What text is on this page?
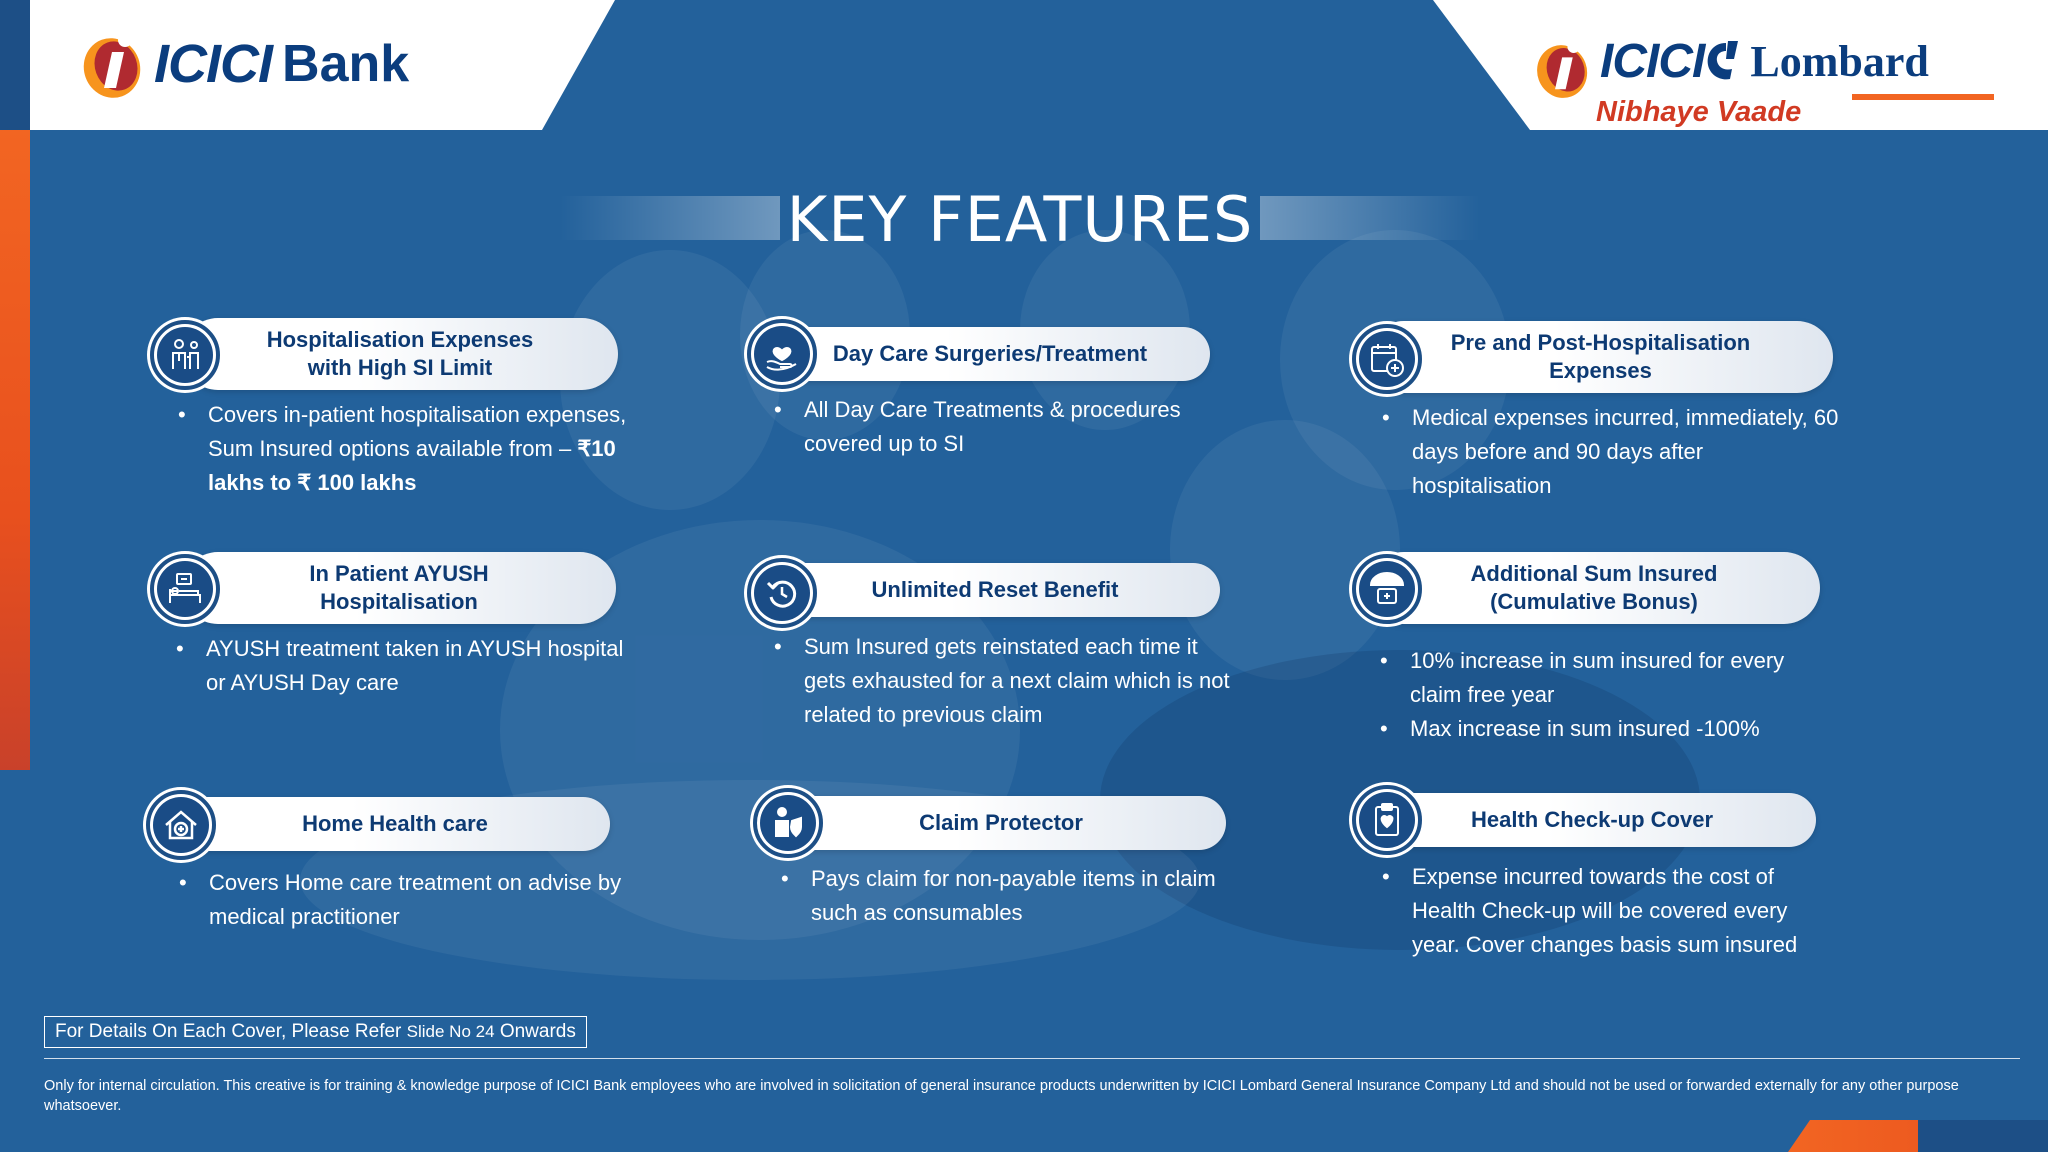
ICICI Bank	ICICI Lombard
Nibhaye Vaade
KEY FEATURES
Hospitalisation Expenses
with High SI Limit
• Covers in-patient hospitalisation expenses, Sum Insured options available from – ₹10 lakhs to ₹ 100 lakhs
Day Care Surgeries/Treatment
• All Day Care Treatments & procedures covered up to SI
Pre and Post-Hospitalisation
Expenses
• Medical expenses incurred, immediately, 60 days before and 90 days after hospitalisation
In Patient AYUSH
Hospitalisation
• AYUSH treatment taken in AYUSH hospital or AYUSH Day care
Unlimited Reset Benefit
• Sum Insured gets reinstated each time it gets exhausted for a next claim which is not related to previous claim
Additional Sum Insured
(Cumulative Bonus)
• 10% increase in sum insured for every claim free year
• Max increase in sum insured -100%
Home Health care
• Covers Home care treatment on advise by medical practitioner
Claim Protector
• Pays claim for non-payable items in claim such as consumables
Health Check-up Cover
• Expense incurred towards the cost of Health Check-up will be covered every year. Cover changes basis sum insured
For Details On Each Cover, Please Refer Slide No 24 Onwards
Only for internal circulation. This creative is for training & knowledge purpose of ICICI Bank employees who are involved in solicitation of general insurance products underwritten by ICICI Lombard General Insurance Company Ltd and should not be used or forwarded externally for any other purpose whatsoever.
